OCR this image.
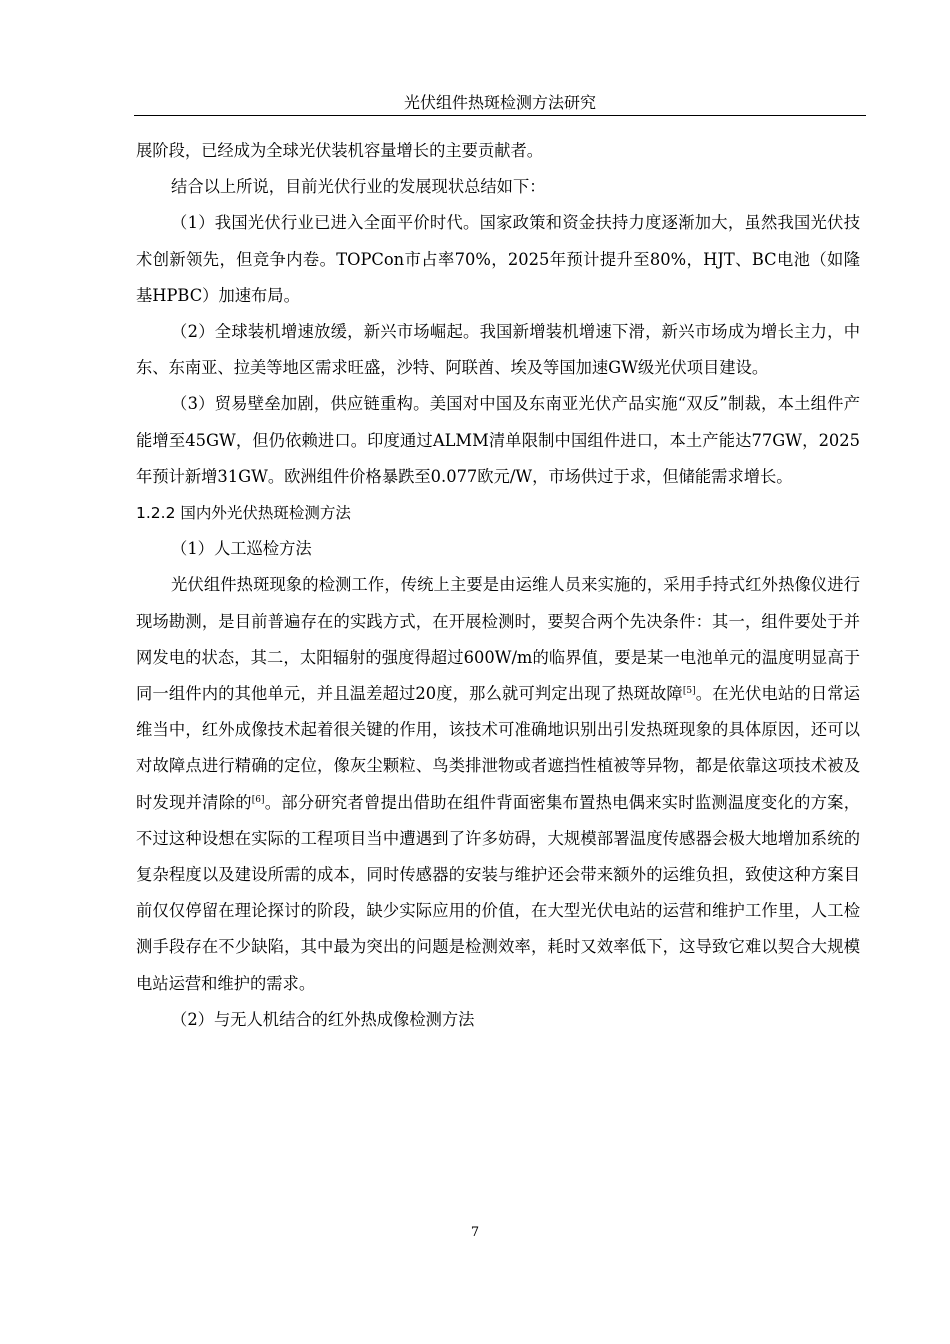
光伏组件热斑检测方法研究

展阶段，已经成为全球光伏装机容量增长的主要贡献者。

结合以上所说，目前光伏行业的发展现状总结如下：

（1）我国光伏行业已进入全面平价时代。国家政策和资金扶持力度逐渐加大，虽然我国光伏技术创新领先，但竞争内卷。TOPCon市占率70%，2025年预计提升至80%，HJT、BC电池（如隆基HPBC）加速布局。

（2）全球装机增速放缓，新兴市场崛起。我国新增装机增速下滑，新兴市场成为增长主力，中东、东南亚、拉美等地区需求旺盛，沙特、阿联酋、埃及等国加速GW级光伏项目建设。

（3）贸易壁垒加剧，供应链重构。美国对中国及东南亚光伏产品实施“双反”制裁，本土组件产能增至45GW，但仍依赖进口。印度通过ALMM清单限制中国组件进口，本土产能达77GW，2025年预计新增31GW。欧洲组件价格暴跌至0.077欧元/W，市场供过于求，但储能需求增长。

1.2.2 国内外光伏热斑检测方法

（1）人工巡检方法

光伏组件热斑现象的检测工作，传统上主要是由运维人员来实施的，采用手持式红外热像仪进行现场勘测，是目前普遍存在的实践方式，在开展检测时，要契合两个先决条件：其一，组件要处于并网发电的状态，其二，太阳辐射的强度得超过600W/m的临界值，要是某一电池单元的温度明显高于同一组件内的其他单元，并且温差超过20度，那么就可判定出现了热斑故障[5]。在光伏电站的日常运维当中，红外成像技术起着很关键的作用，该技术可准确地识别出引发热斑现象的具体原因，还可以对故障点进行精确的定位，像灰尘颗粒、鸟类排泄物或者遮挡性植被等异物，都是依靠这项技术被及时发现并清除的[6]。部分研究者曾提出借助在组件背面密集布置热电偶来实时监测温度变化的方案，不过这种设想在实际的工程项目当中遭遇到了许多妨碍，大规模部署温度传感器会极大地增加系统的复杂程度以及建设所需的成本，同时传感器的安装与维护还会带来额外的运维负担，致使这种方案目前仅仅停留在理论探讨的阶段，缺少实际应用的价值，在大型光伏电站的运营和维护工作里，人工检测手段存在不少缺陷，其中最为突出的问题是检测效率，耗时又效率低下，这导致它难以契合大规模电站运营和维护的需求。

（2）与无人机结合的红外热成像检测方法

7
